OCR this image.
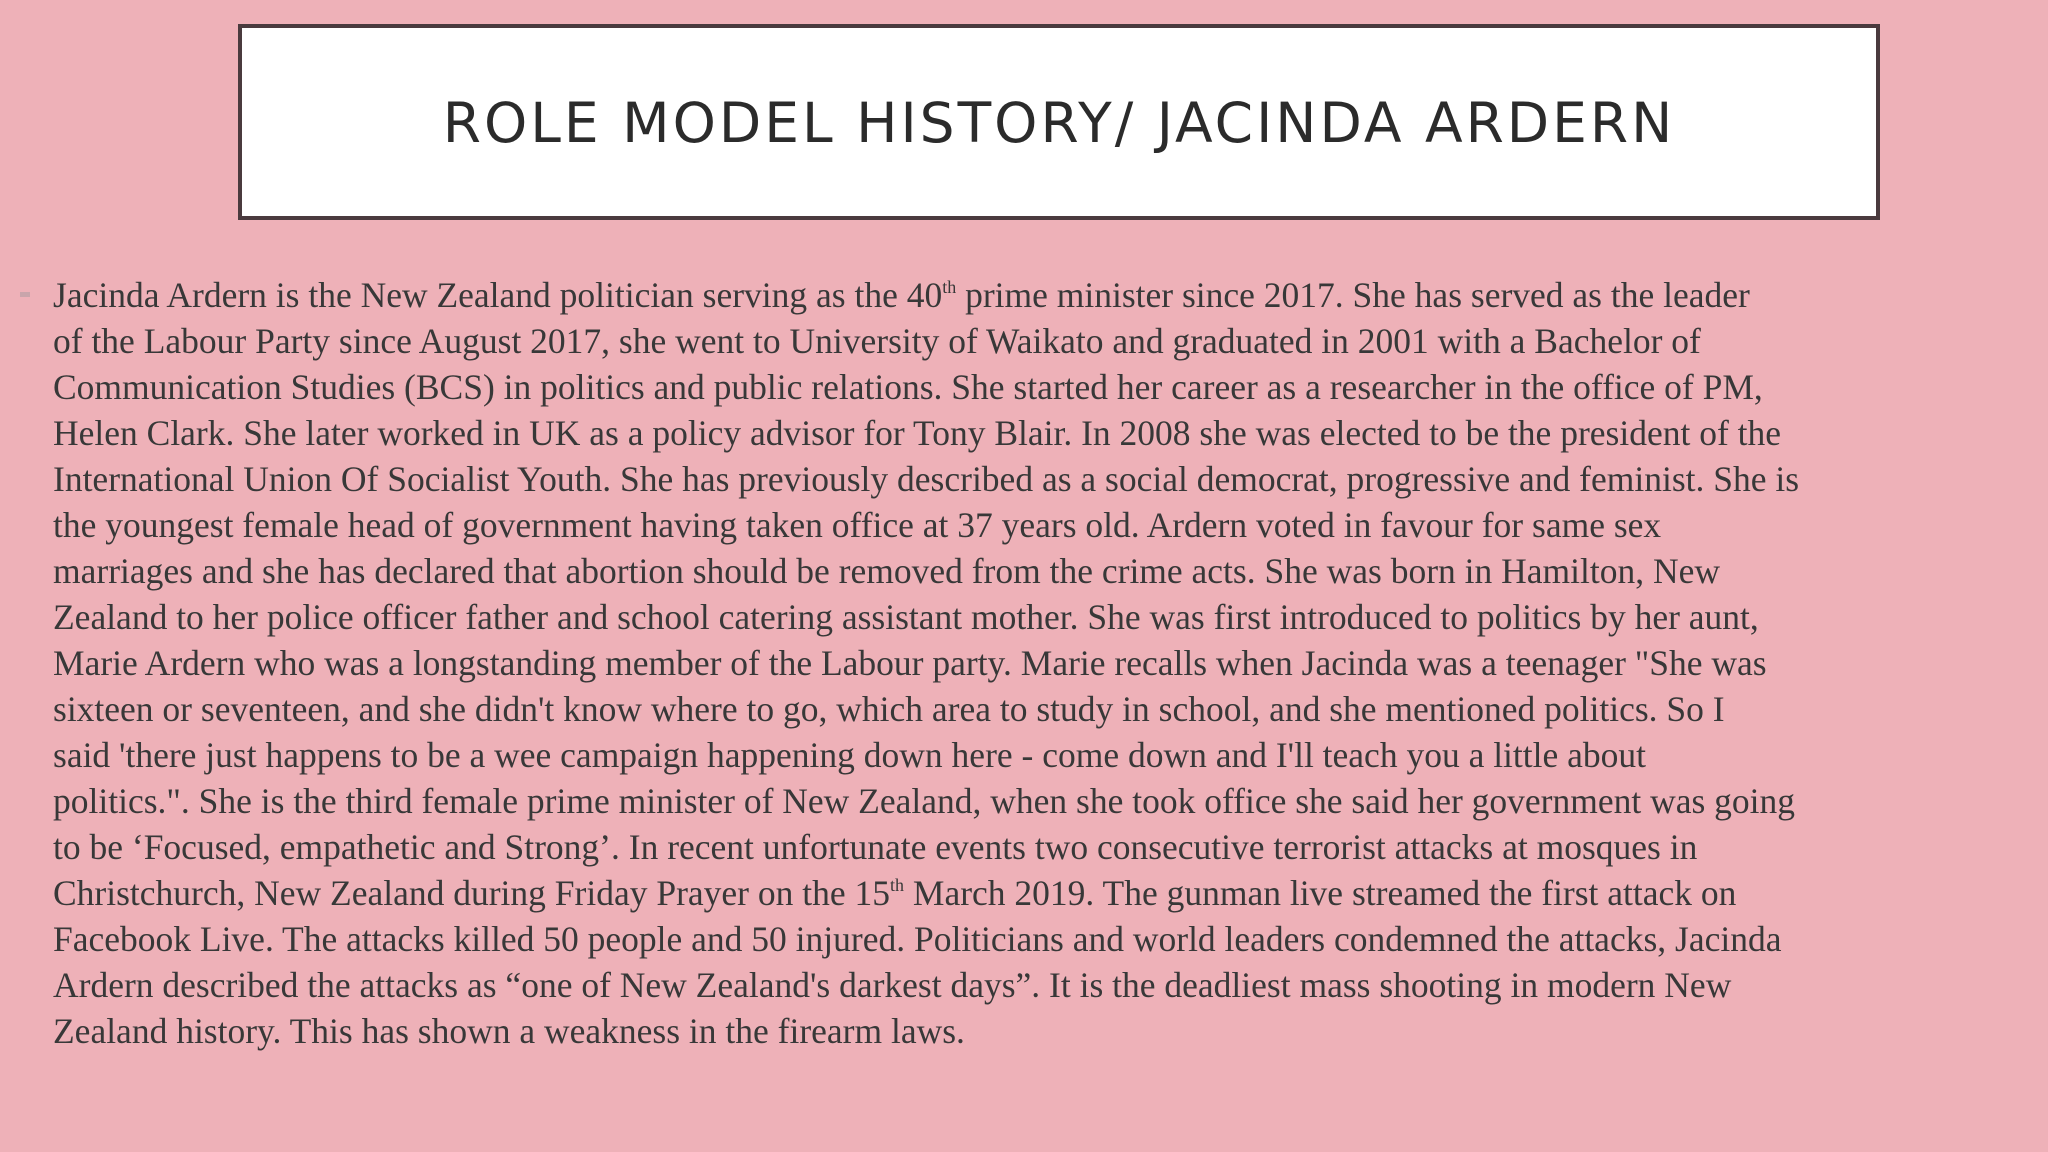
ROLE MODEL HISTORY/ JACINDA ARDERN

Jacinda Ardern is the New Zealand politician serving as the 40th prime minister since 2017. She has served as the leader
of the Labour Party since August 2017, she went to University of Waikato and graduated in 2001 with a Bachelor of
Communication Studies (BCS) in politics and public relations. She started her career as a researcher in the office of PM,
Helen Clark. She later worked in UK as a policy advisor for Tony Blair. In 2008 she was elected to be the president of the
International Union Of Socialist Youth. She has previously described as a social democrat, progressive and feminist. She is
the youngest female head of government having taken office at 37 years old. Ardern voted in favour for same sex
marriages and she has declared that abortion should be removed from the crime acts. She was born in Hamilton, New
Zealand to her police officer father and school catering assistant mother. She was first introduced to politics by her aunt,
Marie Ardern who was a longstanding member of the Labour party. Marie recalls when Jacinda was a teenager "She was
sixteen or seventeen, and she didn't know where to go, which area to study in school, and she mentioned politics. So I
said 'there just happens to be a wee campaign happening down here - come down and I'll teach you a little about
politics.". She is the third female prime minister of New Zealand, when she took office she said her government was going
to be ‘Focused, empathetic and Strong’. In recent unfortunate events two consecutive terrorist attacks at mosques in
Christchurch, New Zealand during Friday Prayer on the 15th March 2019. The gunman live streamed the first attack on
Facebook Live. The attacks killed 50 people and 50 injured. Politicians and world leaders condemned the attacks, Jacinda
Ardern described the attacks as “one of New Zealand's darkest days”. It is the deadliest mass shooting in modern New
Zealand history. This has shown a weakness in the firearm laws.
